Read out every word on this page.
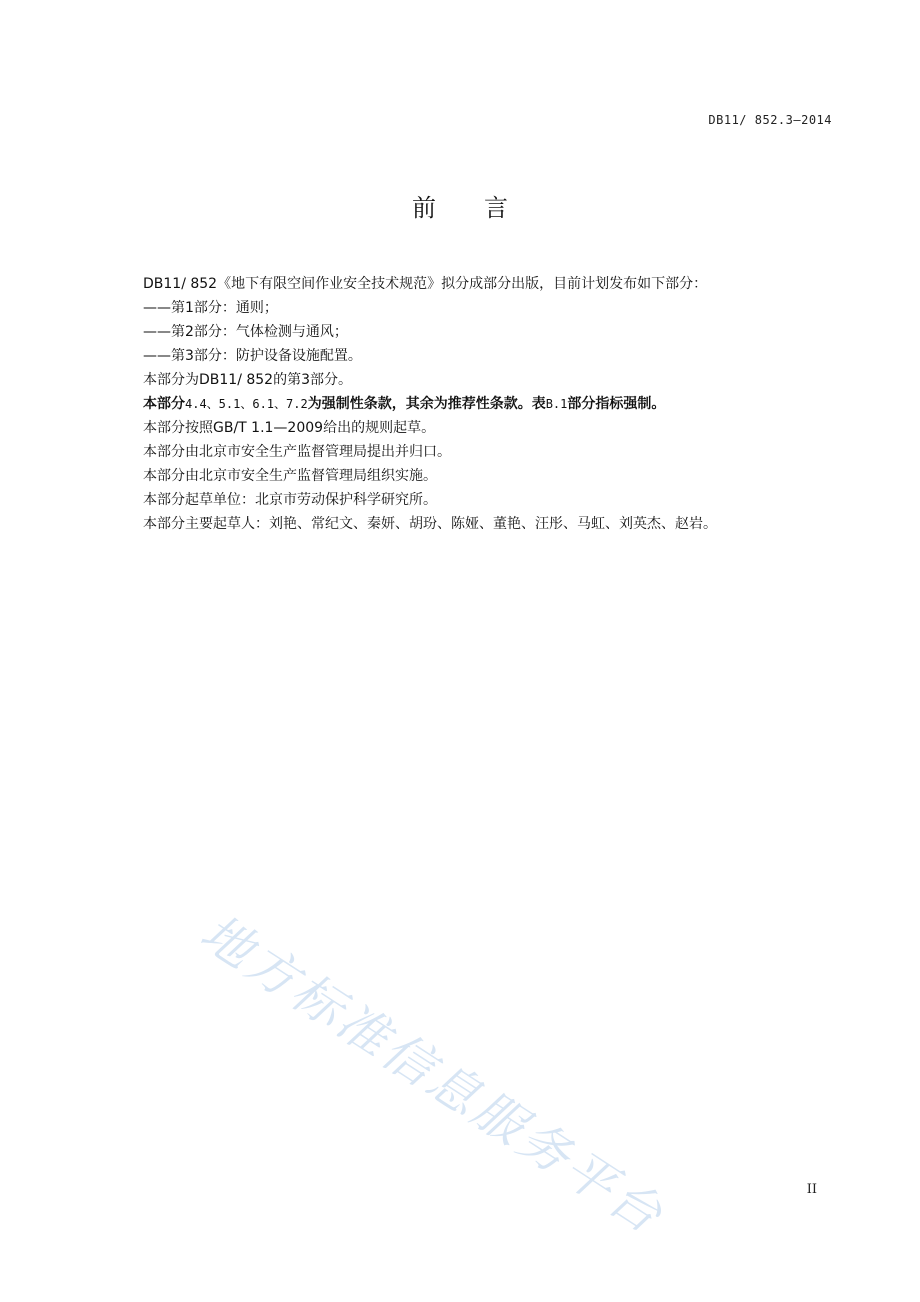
DB11/ 852.3—2014
前 言
DB11/ 852《地下有限空间作业安全技术规范》拟分成部分出版，目前计划发布如下部分：
——第1部分：通则；
——第2部分：气体检测与通风；
——第3部分：防护设备设施配置。
本部分为DB11/ 852的第3部分。
本部分4.4、5.1、6.1、7.2为强制性条款，其余为推荐性条款。表B.1部分指标强制。
本部分按照GB/T 1.1—2009给出的规则起草。
本部分由北京市安全生产监督管理局提出并归口。
本部分由北京市安全生产监督管理局组织实施。
本部分起草单位：北京市劳动保护科学研究所。
本部分主要起草人：刘艳、常纪文、秦妍、胡玢、陈娅、董艳、汪彤、马虹、刘英杰、赵岩。
地方标准信息服务平台	II
